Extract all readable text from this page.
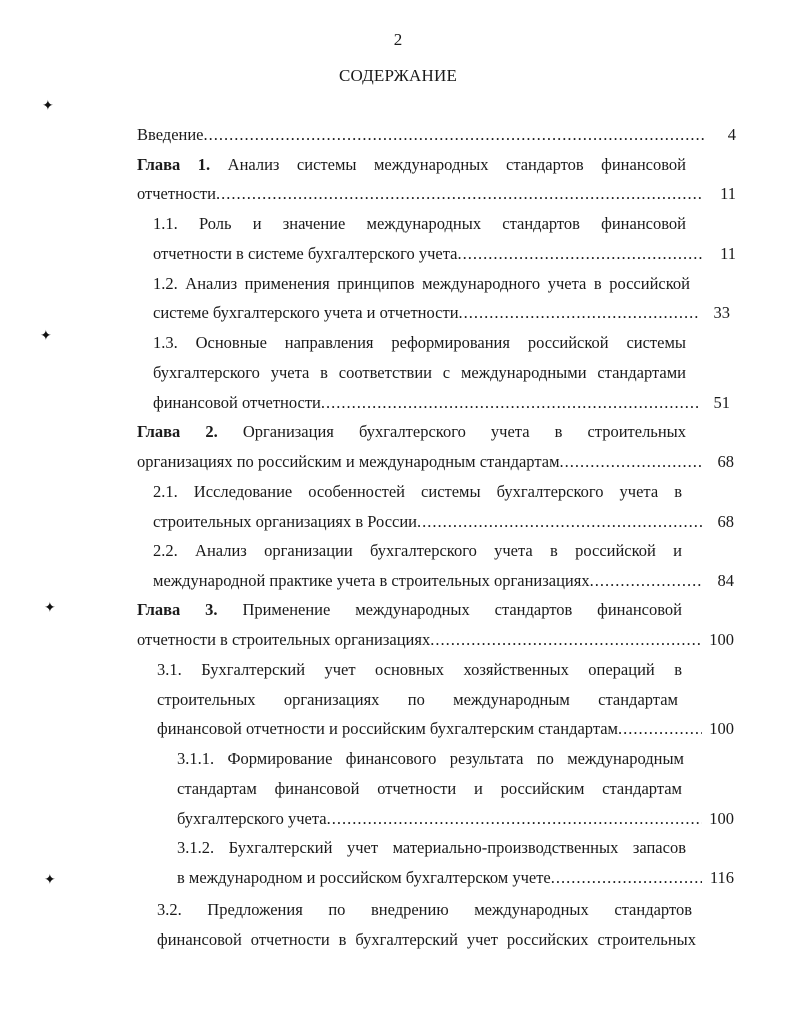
2
СОДЕРЖАНИЕ
✦
✦
✦
✦
Введение .....	4
Глава 1. Анализ системы международных стандартов финансовой
отчетности .....	11
1.1. Роль и значение международных стандартов финансовой
отчетности в системе бухгалтерского учета .....	11
1.2. Анализ применения принципов международного учета в российской
системе бухгалтерского учета и отчетности .....	33
1.3. Основные направления реформирования российской системы
бухгалтерского учета в соответствии с международными стандартами
финансовой отчетности .....	51
Глава 2. Организация бухгалтерского учета в строительных
организациях по российским и международным стандартам .....	68
2.1. Исследование особенностей системы бухгалтерского учета в
строительных организациях в России .....	68
2.2. Анализ организации бухгалтерского учета в российской и
международной практике учета в строительных организациях .....	84
Глава 3. Применение международных стандартов финансовой
отчетности в строительных организациях .....	100
3.1. Бухгалтерский учет основных хозяйственных операций в
строительных организациях по международным стандартам
финансовой отчетности и российским бухгалтерским стандартам .....	100
3.1.1. Формирование финансового результата по международным
стандартам финансовой отчетности и российским стандартам
бухгалтерского учета .....	100
3.1.2. Бухгалтерский учет материально-производственных запасов
в международном и российском бухгалтерском учете .....	116
3.2. Предложения по внедрению международных стандартов
финансовой отчетности в бухгалтерский учет российских строительных
